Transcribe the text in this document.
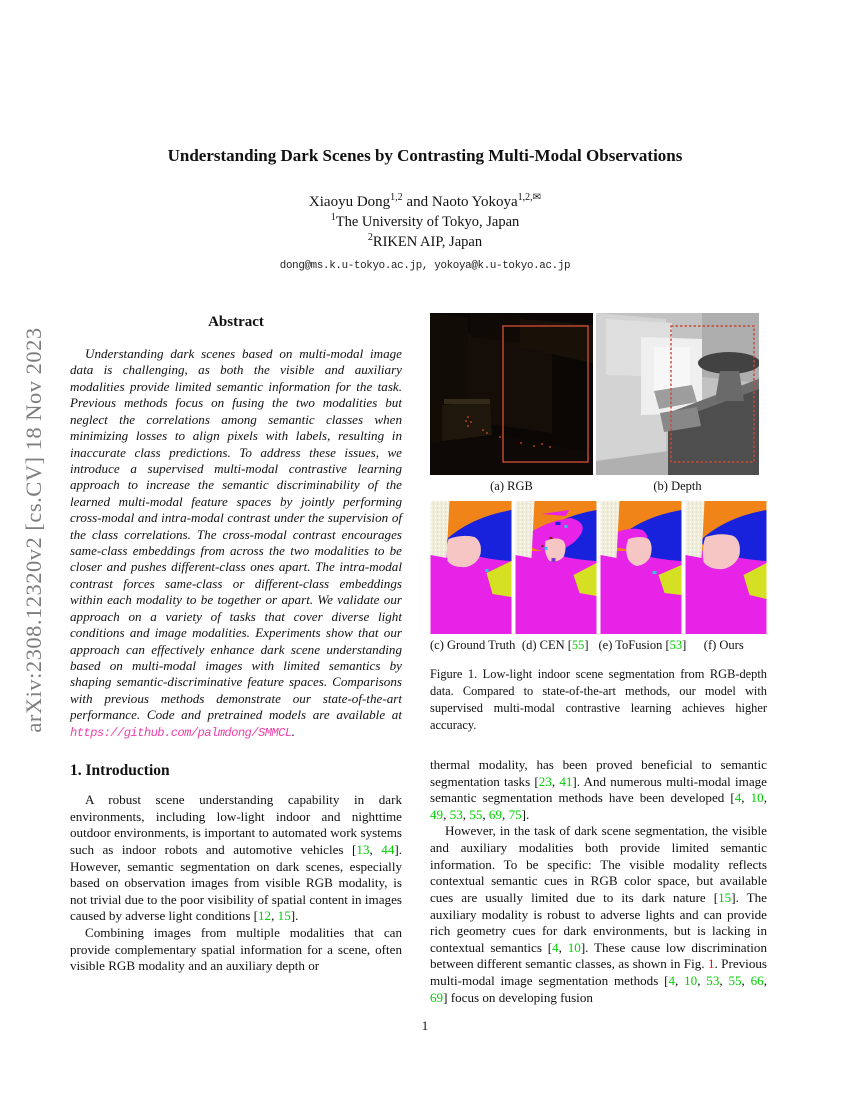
arXiv:2308.12320v2 [cs.CV] 18 Nov 2023
Understanding Dark Scenes by Contrasting Multi-Modal Observations
Xiaoyu Dong$^{1,2}$ and Naoto Yokoya$^{1,2,✉}$
$^1$The University of Tokyo, Japan
$^2$RIKEN AIP, Japan
dong@ms.k.u-tokyo.ac.jp, yokoya@k.u-tokyo.ac.jp

Abstract

Understanding dark scenes based on multi-modal image data is challenging, as both the visible and auxiliary modalities provide limited semantic information for the task. Previous methods focus on fusing the two modalities but neglect the correlations among semantic classes when minimizing losses to align pixels with labels, resulting in inaccurate class predictions. To address these issues, we introduce a supervised multi-modal contrastive learning approach to increase the semantic discriminability of the learned multi-modal feature spaces by jointly performing cross-modal and intra-modal contrast under the supervision of the class correlations. The cross-modal contrast encourages same-class embeddings from across the two modalities to be closer and pushes different-class ones apart. The intra-modal contrast forces same-class or different-class embeddings within each modality to be together or apart. We validate our approach on a variety of tasks that cover diverse light conditions and image modalities. Experiments show that our approach can effectively enhance dark scene understanding based on multi-modal images with limited semantics by shaping semantic-discriminative feature spaces. Comparisons with previous methods demonstrate our state-of-the-art performance. Code and pretrained models are available at https://github.com/palmdong/SMMCL.

1. Introduction

A robust scene understanding capability in dark environments, including low-light indoor and nighttime outdoor environments, is important to automated work systems such as indoor robots and automotive vehicles [13, 44]. However, semantic segmentation on dark scenes, especially based on observation images from visible RGB modality, is not trivial due to the poor visibility of spatial content in images caused by adverse light conditions [12, 15].

Combining images from multiple modalities that can provide complementary spatial information for a scene, often visible RGB modality and an auxiliary depth or

(a) RGB	(b) Depth
(c) Ground Truth (d) CEN [55] (e) ToFusion [53]	(f) Ours
Figure 1. Low-light indoor scene segmentation from RGB-depth data. Compared to state-of-the-art methods, our model with supervised multi-modal contrastive learning achieves higher accuracy.

thermal modality, has been proved beneficial to semantic segmentation tasks [23, 41]. And numerous multi-modal image semantic segmentation methods have been developed [4, 10, 49, 53, 55, 69, 75].

However, in the task of dark scene segmentation, the visible and auxiliary modalities both provide limited semantic information. To be specific: The visible modality reflects contextual semantic cues in RGB color space, but available cues are usually limited due to its dark nature [15]. The auxiliary modality is robust to adverse lights and can provide rich geometry cues for dark environments, but is lacking in contextual semantics [4, 10]. These cause low discrimination between different semantic classes, as shown in Fig. 1. Previous multi-modal image segmentation methods [4, 10, 53, 55, 66, 69] focus on developing fusion

1
